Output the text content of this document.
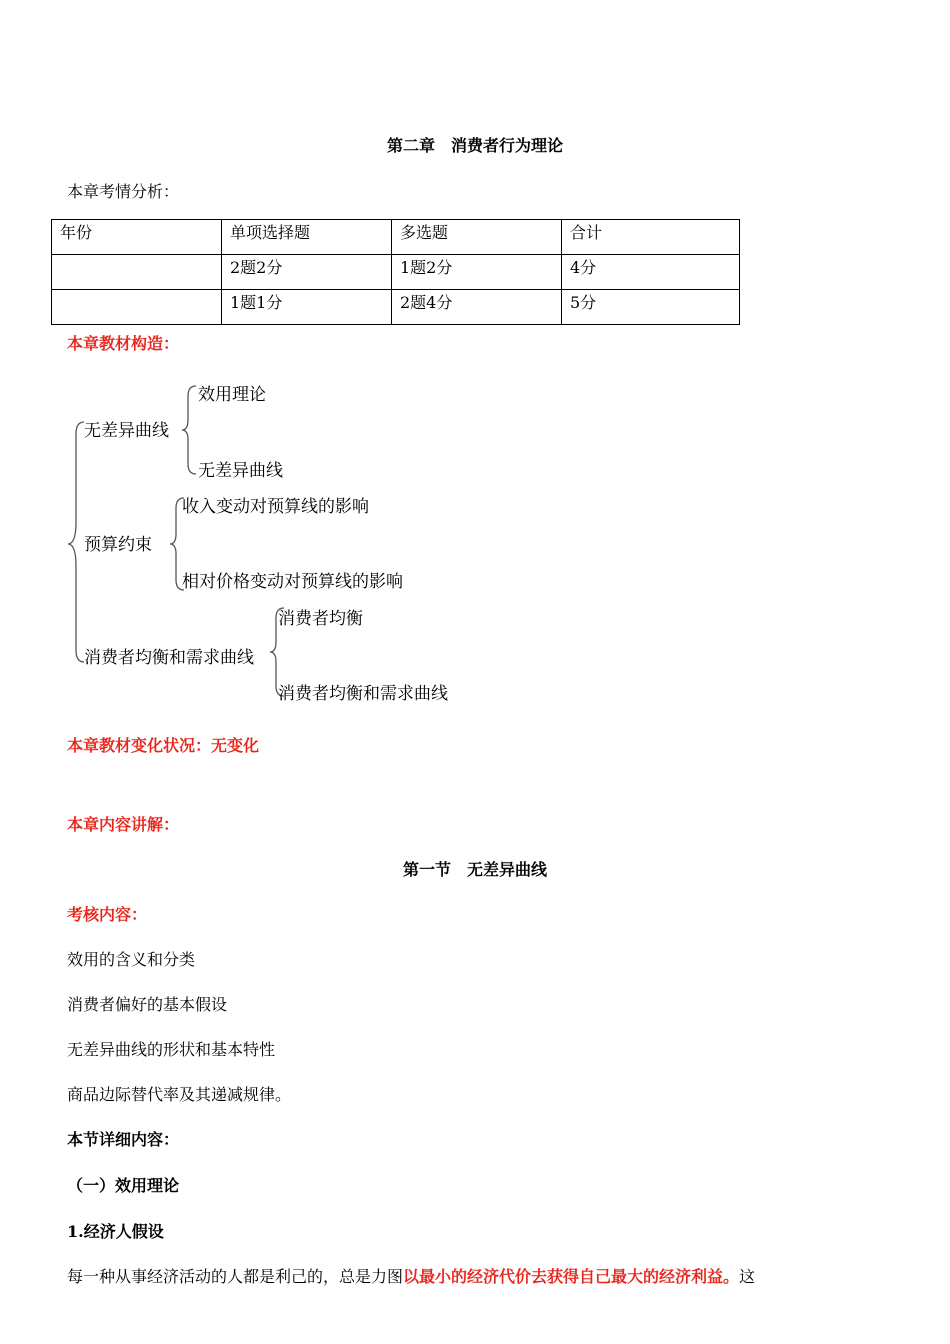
第二章　消费者行为理论
本章考情分析：
年份	单项选择题	多选题	合计
	2题2分	1题2分	4分
	1题1分	2题4分	5分
本章教材构造：
无差异曲线
效用理论
无差异曲线
预算约束
收入变动对预算线的影响
相对价格变动对预算线的影响
消费者均衡和需求曲线
消费者均衡
消费者均衡和需求曲线
本章教材变化状况：无变化
本章内容讲解：
第一节　无差异曲线
考核内容：
效用的含义和分类
消费者偏好的基本假设
无差异曲线的形状和基本特性
商品边际替代率及其递减规律。
本节详细内容：
（一）效用理论
1.经济人假设
每一种从事经济活动的人都是利己的，总是力图以最小的经济代价去获得自己最大的经济利益。这
